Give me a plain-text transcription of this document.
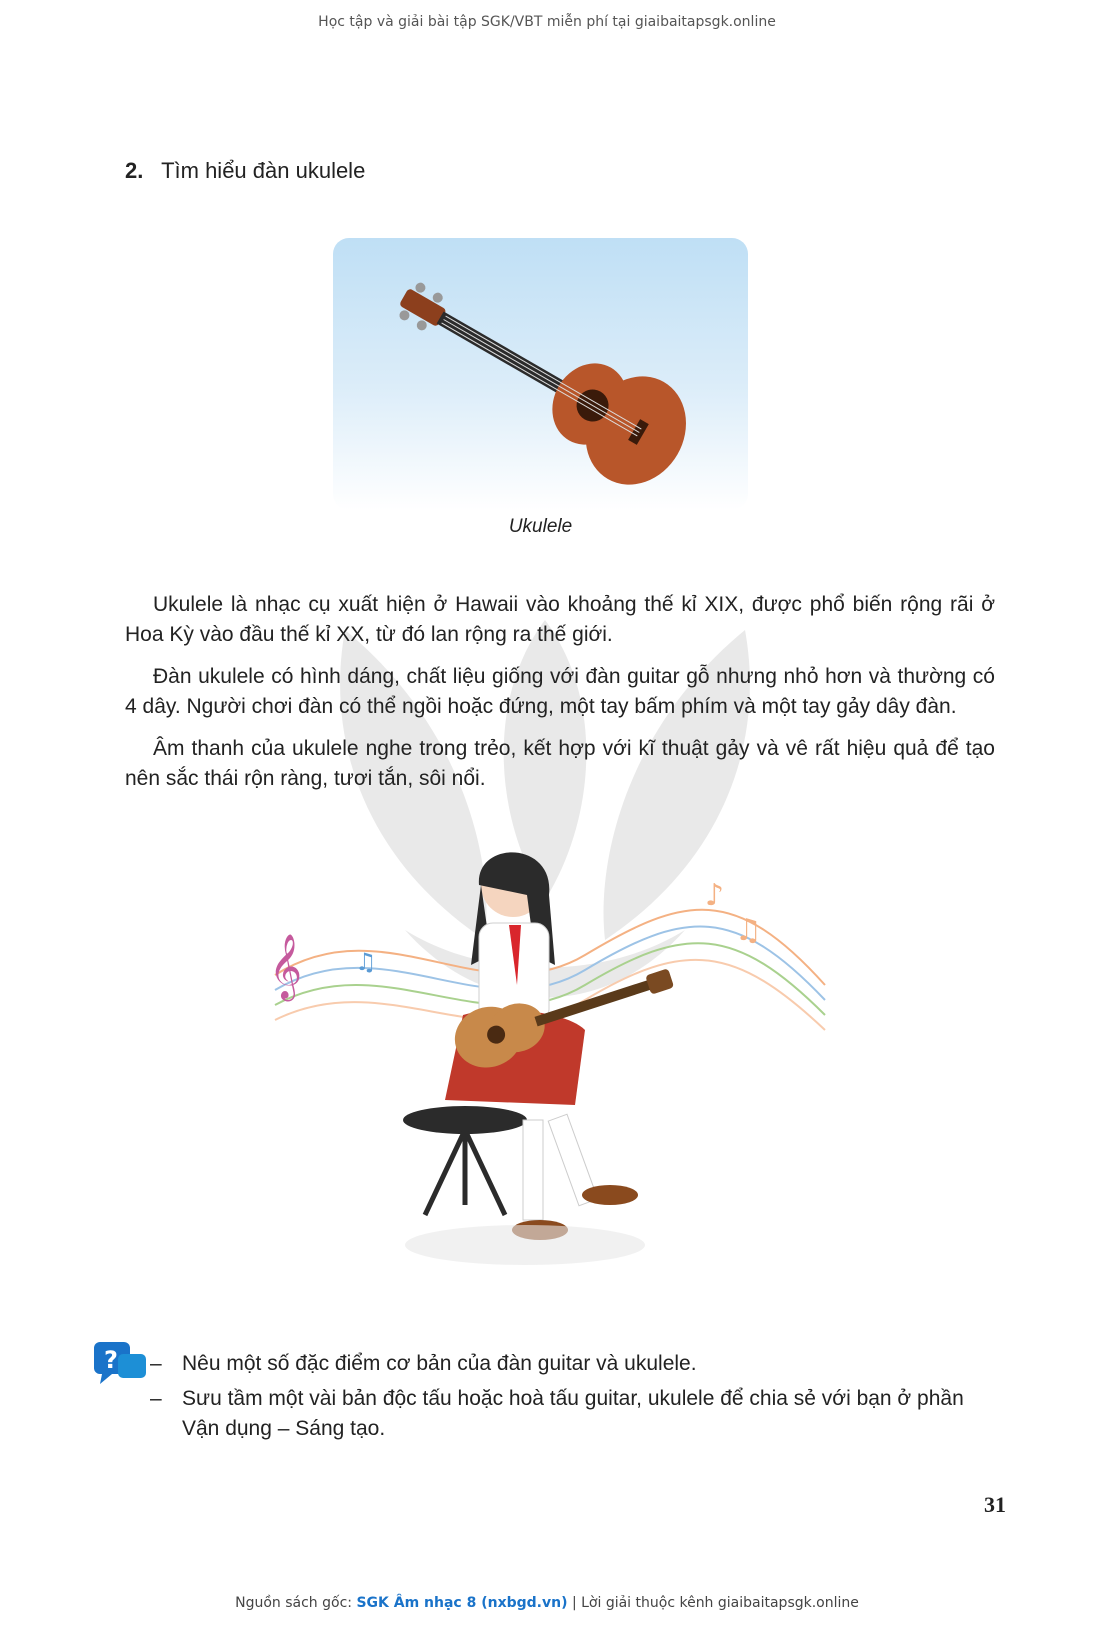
Học tập và giải bài tập SGK/VBT miễn phí tại giaibaitapsgk.online
2. Tìm hiểu đàn ukulele
Ukulele

Ukulele là nhạc cụ xuất hiện ở Hawaii vào khoảng thế kỉ XIX, được phổ biến rộng rãi ở Hoa Kỳ vào đầu thế kỉ XX, từ đó lan rộng ra thế giới.

Đàn ukulele có hình dáng, chất liệu giống với đàn guitar gỗ nhưng nhỏ hơn và thường có 4 dây. Người chơi đàn có thể ngồi hoặc đứng, một tay bấm phím và một tay gảy dây đàn.

Âm thanh của ukulele nghe trong trẻo, kết hợp với kĩ thuật gảy và vê rất hiệu quả để tạo nên sắc thái rộn ràng, tươi tắn, sôi nổi.

𝄞
♪
♫
♫
? – Nêu một số đặc điểm cơ bản của đàn guitar và ukulele.
– Sưu tầm một vài bản độc tấu hoặc hoà tấu guitar, ukulele để chia sẻ với bạn ở phần Vận dụng – Sáng tạo.
31
Nguồn sách gốc: SGK Âm nhạc 8 (nxbgd.vn) | Lời giải thuộc kênh giaibaitapsgk.online
